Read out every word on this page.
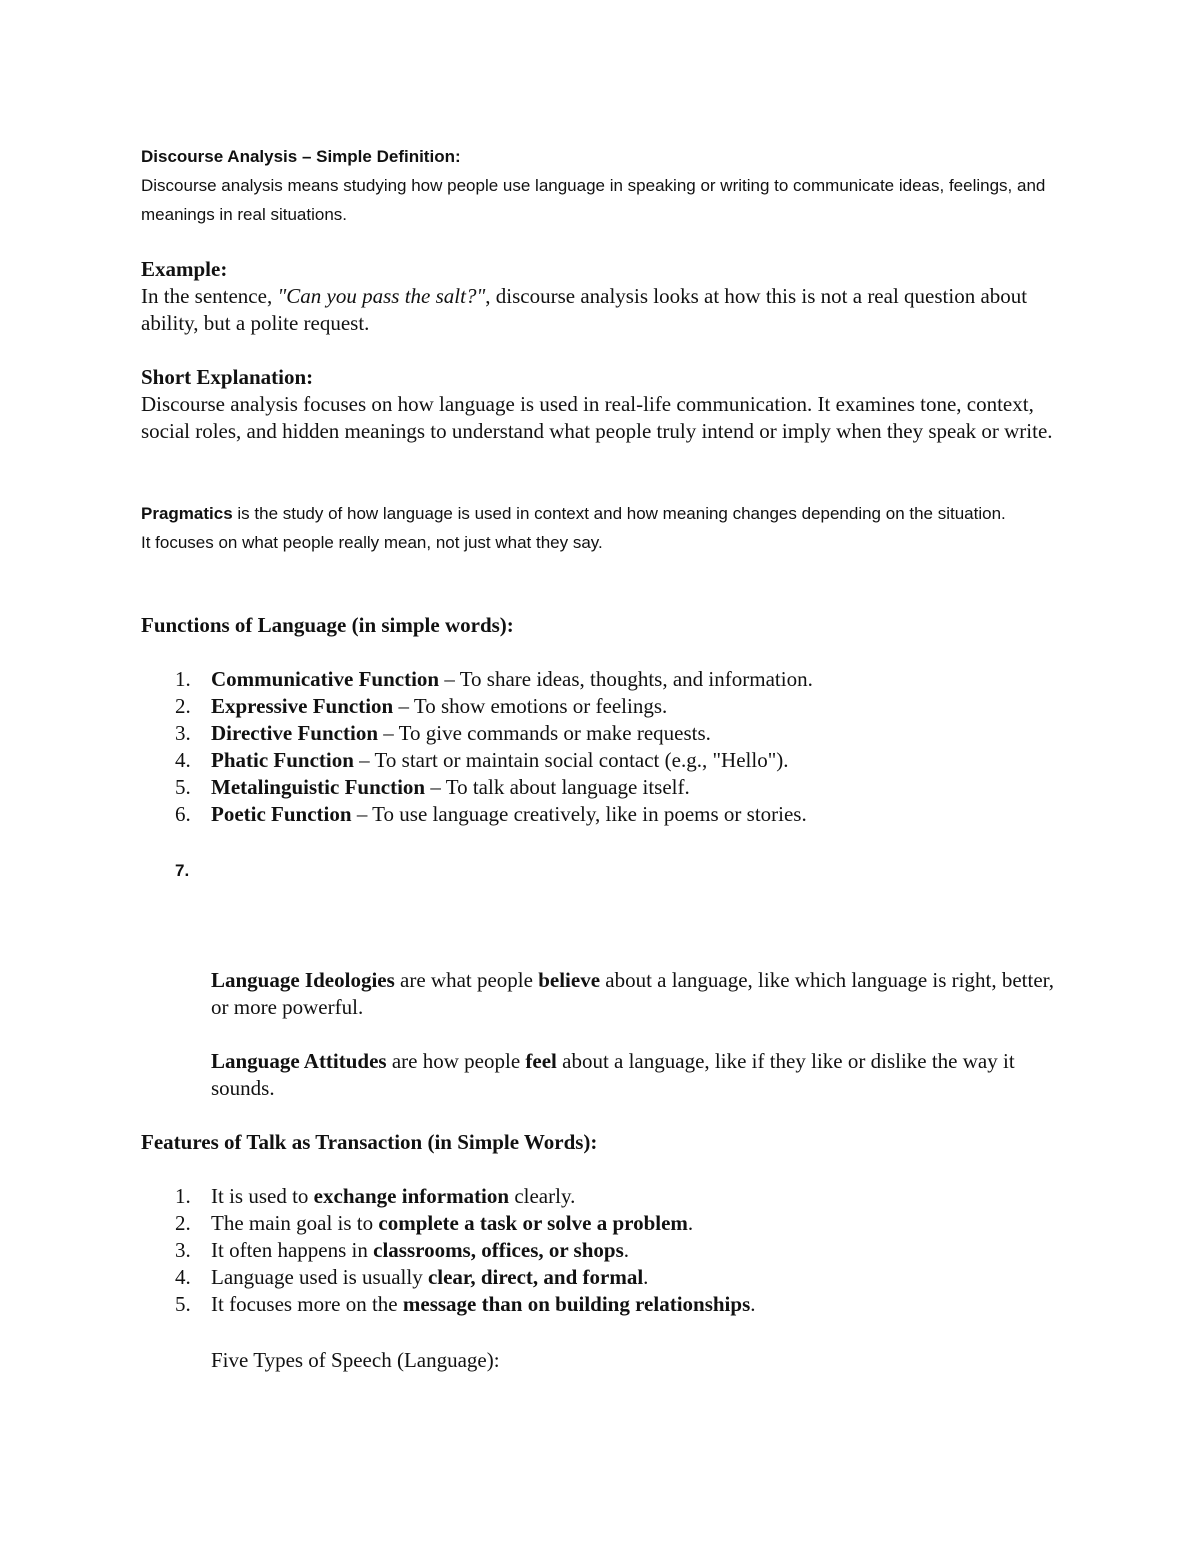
Discourse Analysis – Simple Definition:

Discourse analysis means studying how people use language in speaking or writing to communicate ideas, feelings, and meanings in real situations.

Example:

In the sentence, "Can you pass the salt?", discourse analysis looks at how this is not a real question about ability, but a polite request.

Short Explanation:

Discourse analysis focuses on how language is used in real-life communication. It examines tone, context, social roles, and hidden meanings to understand what people truly intend or imply when they speak or write.

Pragmatics is the study of how language is used in context and how meaning changes depending on the situation.

It focuses on what people really mean, not just what they say.

Functions of Language (in simple words):

1. Communicative Function – To share ideas, thoughts, and information.
2. Expressive Function – To show emotions or feelings.
3. Directive Function – To give commands or make requests.
4. Phatic Function – To start or maintain social contact (e.g., "Hello").
5. Metalinguistic Function – To talk about language itself.
6. Poetic Function – To use language creatively, like in poems or stories.
7.

Language Ideologies are what people believe about a language, like which language is right, better, or more powerful.

Language Attitudes are how people feel about a language, like if they like or dislike the way it sounds.

Features of Talk as Transaction (in Simple Words):

1. It is used to exchange information clearly.
2. The main goal is to complete a task or solve a problem.
3. It often happens in classrooms, offices, or shops.
4. Language used is usually clear, direct, and formal.
5. It focuses more on the message than on building relationships.

Five Types of Speech (Language):
